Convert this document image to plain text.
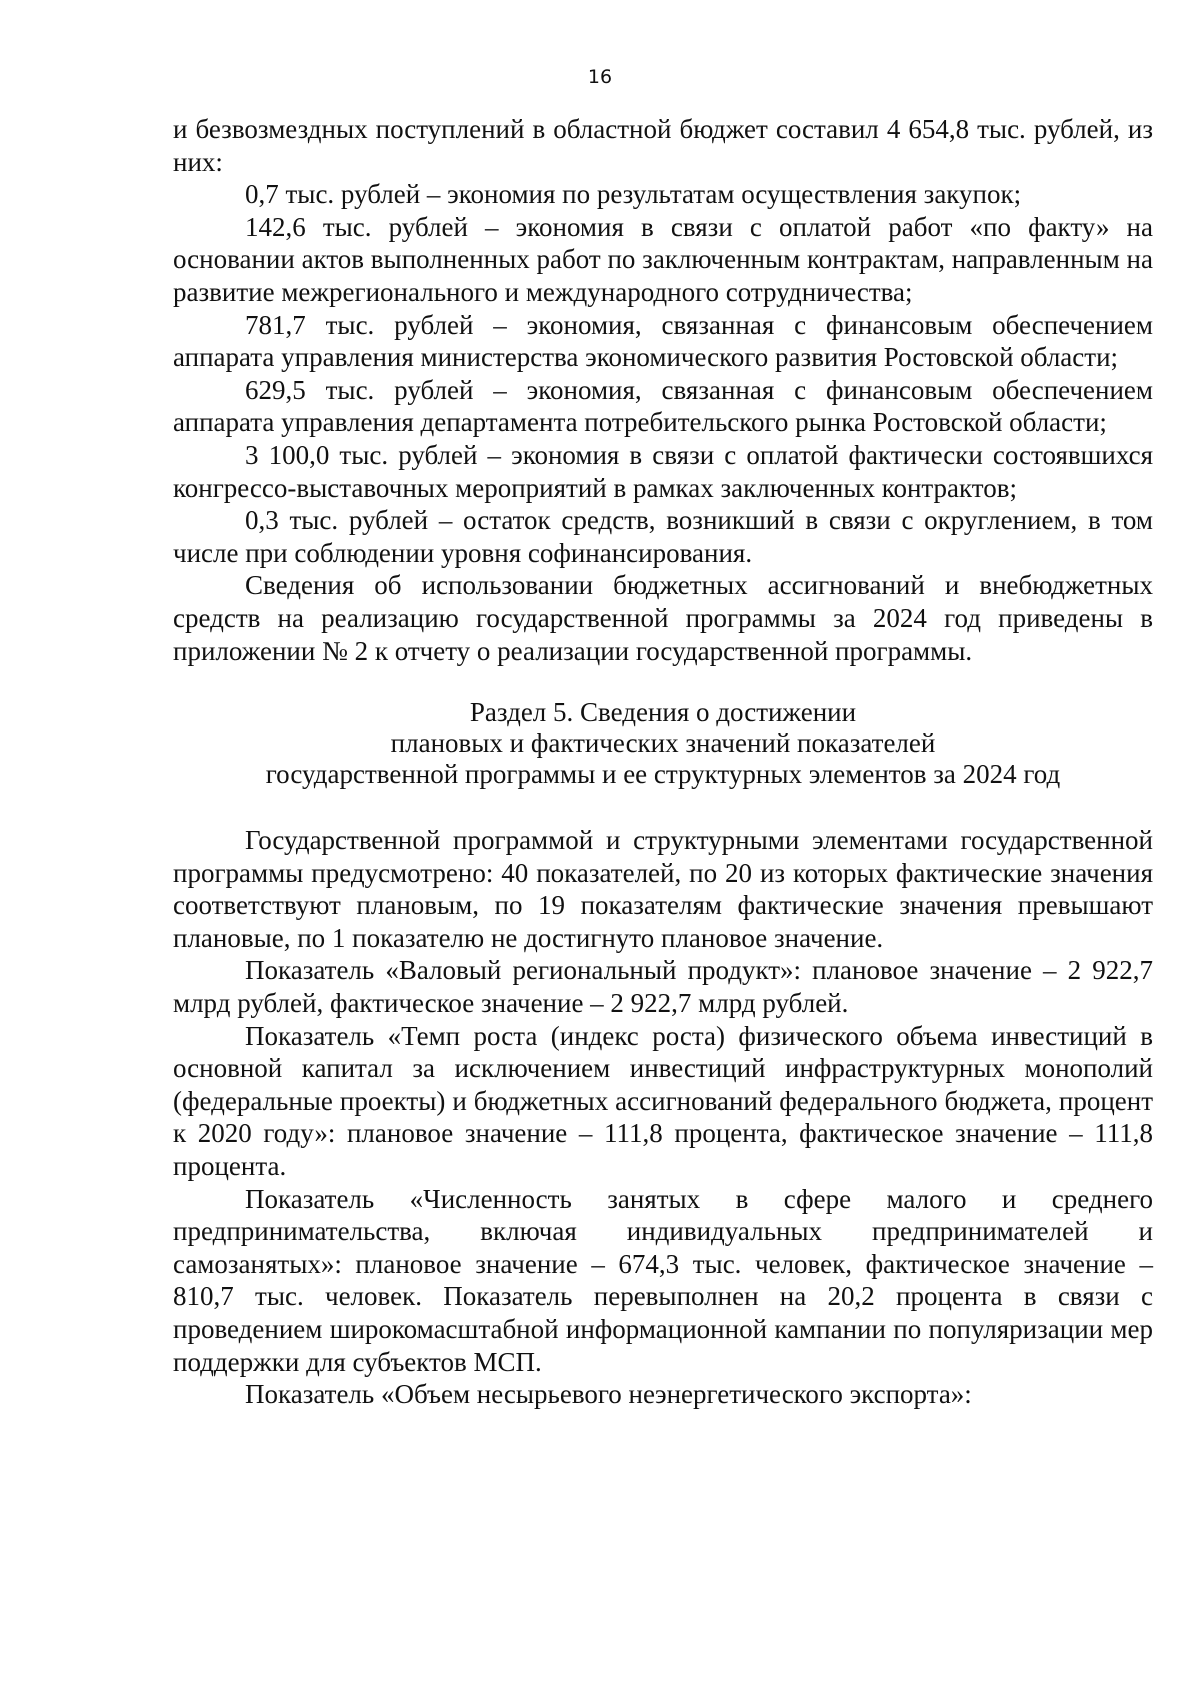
16

и безвозмездных поступлений в областной бюджет составил 4 654,8 тыс. рублей, из них:

0,7 тыс. рублей – экономия по результатам осуществления закупок;

142,6 тыс. рублей – экономия в связи с оплатой работ «по факту» на основании актов выполненных работ по заключенным контрактам, направленным на развитие межрегионального и международного сотрудничества;

781,7 тыс. рублей – экономия, связанная с финансовым обеспечением аппарата управления министерства экономического развития Ростовской области;

629,5 тыс. рублей – экономия, связанная с финансовым обеспечением аппарата управления департамента потребительского рынка Ростовской области;

3 100,0 тыс. рублей – экономия в связи с оплатой фактически состоявшихся конгрессо-выставочных мероприятий в рамках заключенных контрактов;

0,3 тыс. рублей – остаток средств, возникший в связи с округлением, в том числе при соблюдении уровня софинансирования.

Сведения об использовании бюджетных ассигнований и внебюджетных средств на реализацию государственной программы за 2024 год приведены в приложении № 2 к отчету о реализации государственной программы.

Раздел 5. Сведения о достижении
плановых и фактических значений показателей
государственной программы и ее структурных элементов за 2024 год

Государственной программой и структурными элементами государственной программы предусмотрено: 40 показателей, по 20 из которых фактические значения соответствуют плановым, по 19 показателям фактические значения превышают плановые, по 1 показателю не достигнуто плановое значение.

Показатель «Валовый региональный продукт»: плановое значение – 2 922,7 млрд рублей, фактическое значение – 2 922,7 млрд рублей.

Показатель «Темп роста (индекс роста) физического объема инвестиций в основной капитал за исключением инвестиций инфраструктурных монополий (федеральные проекты) и бюджетных ассигнований федерального бюджета, процент к 2020 году»: плановое значение – 111,8 процента, фактическое значение – 111,8 процента.

Показатель «Численность занятых в сфере малого и среднего предпринимательства, включая индивидуальных предпринимателей и самозанятых»: плановое значение – 674,3 тыс. человек, фактическое значение – 810,7 тыс. человек. Показатель перевыполнен на 20,2 процента в связи с проведением широкомасштабной информационной кампании по популяризации мер поддержки для субъектов МСП.

Показатель «Объем несырьевого неэнергетического экспорта»:
